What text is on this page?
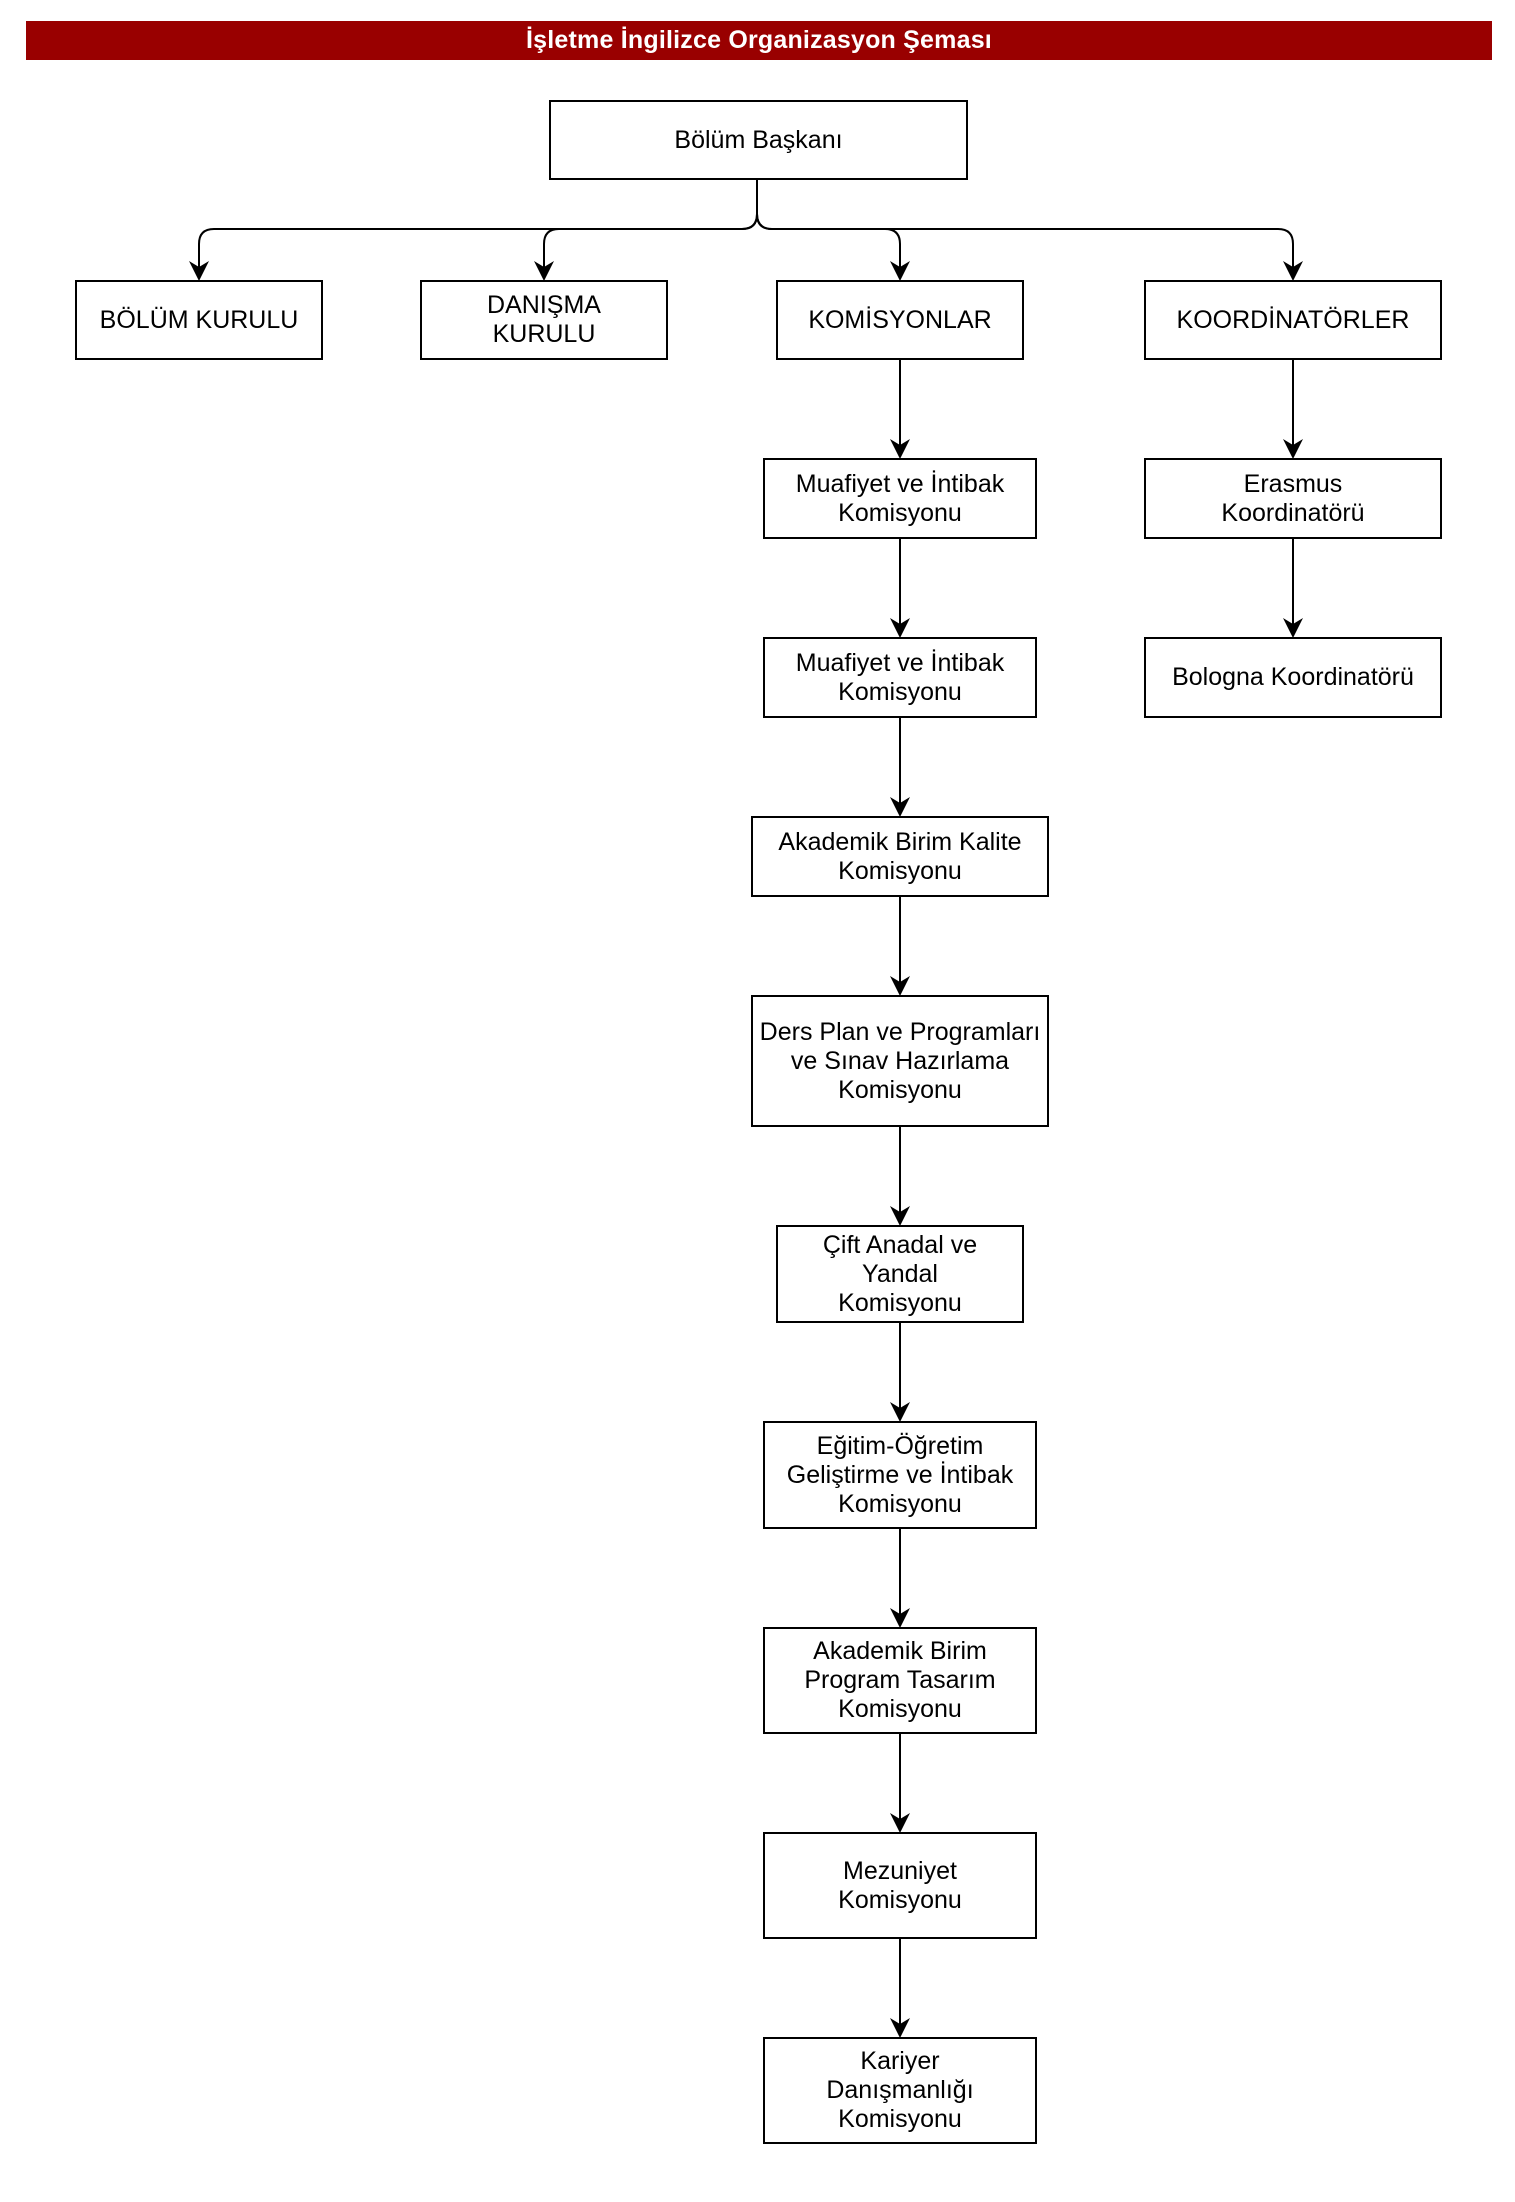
İşletme İngilizce Organizasyon Şeması
Bölüm Başkanı
BÖLÜM KURULU
DANIŞMA KURULU
KOMİSYONLAR	KOORDİNATÖRLER
Muafiyet ve İntibak Komisyonu
Muafiyet ve İntibak Komisyonu
Akademik Birim Kalite Komisyonu
Ders Plan ve Programları ve Sınav Hazırlama Komisyonu
Çift Anadal ve Yandal Komisyonu
Eğitim-Öğretim Geliştirme ve İntibak Komisyonu
Akademik Birim Program Tasarım Komisyonu
Mezuniyet Komisyonu
Kariyer Danışmanlığı Komisyonu
Erasmus Koordinatörü
Bologna Koordinatörü
